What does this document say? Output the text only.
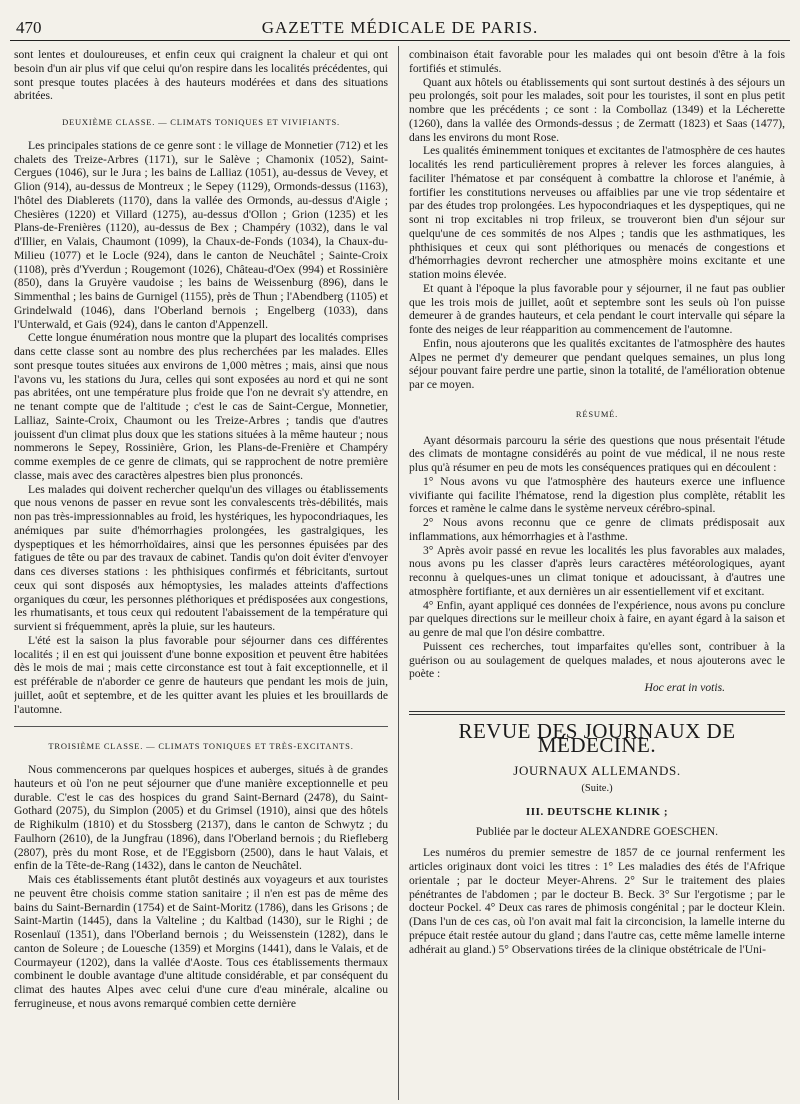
470	GAZETTE MÉDICALE DE PARIS.

sont lentes et douloureuses, et enfin ceux qui craignent la chaleur et qui ont besoin d'un air plus vif que celui qu'on respire dans les localités précédentes, qui sont presque toutes placées à des hauteurs modérées et dans des situations abritées.

DEUXIÈME CLASSE. — CLIMATS TONIQUES ET VIVIFIANTS.

Les principales stations de ce genre sont : le village de Monnetier (712) et les chalets des Treize-Arbres (1171), sur le Salève ; Chamonix (1052), Saint-Cergues (1046), sur le Jura ; les bains de Lalliaz (1051), au-dessus de Vevey, et Glion (914), au-dessus de Montreux ; le Sepey (1129), Ormonds-dessus (1163), l'hôtel des Diablerets (1170), dans la vallée des Ormonds, au-dessus d'Aigle ; Chesières (1220) et Villard (1275), au-dessus d'Ollon ; Grion (1235) et les Plans-de-Frenières (1120), au-dessus de Bex ; Champéry (1032), dans le val d'Illier, en Valais, Chaumont (1099), la Chaux-de-Fonds (1034), la Chaux-du-Milieu (1077) et le Locle (924), dans le canton de Neuchâtel ; Sainte-Croix (1108), près d'Yverdun ; Rougemont (1026), Château-d'Oex (994) et Rossinière (850), dans la Gruyère vaudoise ; les bains de Weissenburg (896), dans le Simmenthal ; les bains de Gurnigel (1155), près de Thun ; l'Abendberg (1105) et Grindelwald (1046), dans l'Oberland bernois ; Engelberg (1033), dans l'Unterwald, et Gais (924), dans le canton d'Appenzell.

Cette longue énumération nous montre que la plupart des localités comprises dans cette classe sont au nombre des plus recherchées par les malades. Elles sont presque toutes situées aux environs de 1,000 mètres ; mais, ainsi que nous l'avons vu, les stations du Jura, celles qui sont exposées au nord et qui ne sont pas abritées, ont une température plus froide que l'on ne devrait s'y attendre, en ne tenant compte que de l'altitude ; c'est le cas de Saint-Cergue, Monnetier, Lalliaz, Sainte-Croix, Chaumont ou les Treize-Arbres ; tandis que d'autres jouissent d'un climat plus doux que les stations situées à la même hauteur ; nous nommerons le Sepey, Rossinière, Grion, les Plans-de-Frenière et Champéry comme exemples de ce genre de climats, qui se rapprochent de notre première classe, mais avec des caractères alpestres bien plus prononcés.

Les malades qui doivent rechercher quelqu'un des villages ou établissements que nous venons de passer en revue sont les convalescents très-débilités, mais non pas très-impressionnables au froid, les hystériques, les hypocondriaques, les anémiques par suite d'hémorrhagies prolongées, les gastralgiques, les dyspeptiques et les hémorrhoïdaires, ainsi que les personnes épuisées par des fatigues de tête ou par des travaux de cabinet. Tandis qu'on doit éviter d'envoyer dans ces diverses stations : les phthisiques confirmés et fébricitants, surtout ceux qui sont disposés aux hémoptysies, les malades atteints d'affections organiques du cœur, les personnes pléthoriques et prédisposées aux congestions, les rhumatisants, et tous ceux qui redoutent l'abaissement de la température qui survient si fréquemment, après la pluie, sur les hauteurs.

L'été est la saison la plus favorable pour séjourner dans ces différentes localités ; il en est qui jouissent d'une bonne exposition et peuvent être habitées dès le mois de mai ; mais cette circonstance est tout à fait exceptionnelle, et il est préférable de n'aborder ce genre de hauteurs que pendant les mois de juin, juillet, août et septembre, et de les quitter avant les pluies et les brouillards de l'automne.

TROISIÈME CLASSE. — CLIMATS TONIQUES ET TRÈS-EXCITANTS.

Nous commencerons par quelques hospices et auberges, situés à de grandes hauteurs et où l'on ne peut séjourner que d'une manière exceptionnelle et peu durable. C'est le cas des hospices du grand Saint-Bernard (2478), du Saint-Gothard (2075), du Simplon (2005) et du Grimsel (1910), ainsi que des hôtels de Righikulm (1810) et du Stossberg (2137), dans le canton de Schwytz ; du Faulhorn (2610), de la Jungfrau (1896), dans l'Oberland bernois ; du Riefleberg (2807), près du mont Rose, et de l'Eggisborn (2500), dans le haut Valais, et enfin de la Tête-de-Rang (1432), dans le canton de Neuchâtel.

Mais ces établissements étant plutôt destinés aux voyageurs et aux touristes ne peuvent être choisis comme station sanitaire ; il n'en est pas de même des bains du Saint-Bernardin (1754) et de Saint-Moritz (1786), dans les Grisons ; de Saint-Martin (1445), dans la Valteline ; du Kaltbad (1430), sur le Righi ; de Rosenlauï (1351), dans l'Oberland bernois ; du Weissenstein (1282), dans le canton de Soleure ; de Louesche (1359) et Morgins (1441), dans le Valais, et de Courmayeur (1202), dans la vallée d'Aoste. Tous ces établissements thermaux combinent le double avantage d'une altitude considérable, et par conséquent du climat des hautes Alpes avec celui d'une cure d'eau minérale, alcaline ou ferrugineuse, et nous avons remarqué combien cette dernière

combinaison était favorable pour les malades qui ont besoin d'être à la fois fortifiés et stimulés.

Quant aux hôtels ou établissements qui sont surtout destinés à des séjours un peu prolongés, soit pour les malades, soit pour les touristes, il sont en plus petit nombre que les précédents ; ce sont : la Combollaz (1349) et la Lécherette (1260), dans la vallée des Ormonds-dessus ; de Zermatt (1823) et Saas (1477), dans les environs du mont Rose.

Les qualités éminemment toniques et excitantes de l'atmosphère de ces hautes localités les rend particulièrement propres à relever les forces alanguies, à faciliter l'hématose et par conséquent à combattre la chlorose et l'anémie, à fortifier les constitutions nerveuses ou affaiblies par une vie trop sédentaire et par des études trop prolongées. Les hypocondriaques et les dyspeptiques, qui ne sont ni trop excitables ni trop frileux, se trouveront bien d'un séjour sur quelqu'une de ces sommités de nos Alpes ; tandis que les asthmatiques, les phthisiques et ceux qui sont pléthoriques ou menacés de congestions et d'hémorrhagies devront rechercher une atmosphère moins excitante et une station moins élevée.

Et quant à l'époque la plus favorable pour y séjourner, il ne faut pas oublier que les trois mois de juillet, août et septembre sont les seuls où l'on puisse demeurer à de grandes hauteurs, et cela pendant le court intervalle qui sépare la fonte des neiges de leur réapparition au commencement de l'automne.

Enfin, nous ajouterons que les qualités excitantes de l'atmosphère des hautes Alpes ne permet d'y demeurer que pendant quelques semaines, un plus long séjour pouvant faire perdre une partie, sinon la totalité, de l'amélioration obtenue par ce moyen.

RÉSUMÉ.

Ayant désormais parcouru la série des questions que nous présentait l'étude des climats de montagne considérés au point de vue médical, il ne nous reste plus qu'à résumer en peu de mots les conséquences pratiques qui en découlent :

1° Nous avons vu que l'atmosphère des hauteurs exerce une influence vivifiante qui facilite l'hématose, rend la digestion plus complète, rétablit les forces et ramène le calme dans le système nerveux cérébro-spinal.

2° Nous avons reconnu que ce genre de climats prédisposait aux inflammations, aux hémorrhagies et à l'asthme.

3° Après avoir passé en revue les localités les plus favorables aux malades, nous avons pu les classer d'après leurs caractères météorologiques, ayant reconnu à quelques-unes un climat tonique et adoucissant, à d'autres une atmosphère fortifiante, et aux dernières un air essentiellement vif et excitant.

4° Enfin, ayant appliqué ces données de l'expérience, nous avons pu conclure par quelques directions sur le meilleur choix à faire, en ayant égard à la saison et au genre de mal que l'on désire combattre.

Puissent ces recherches, tout imparfaites qu'elles sont, contribuer à la guérison ou au soulagement de quelques malades, et nous ajouterons avec le poète :

Hoc erat in votis.
REVUE DES JOURNAUX DE MÉDECINE.
JOURNAUX ALLEMANDS.
(Suite.)
III. DEUTSCHE KLINIK ;
Publiée par le docteur ALEXANDRE GOESCHEN.

Les numéros du premier semestre de 1857 de ce journal renferment les articles originaux dont voici les titres : 1° Les maladies des étés de l'Afrique orientale ; par le docteur Meyer-Ahrens. 2° Sur le traitement des plaies pénétrantes de l'abdomen ; par le docteur B. Beck. 3° Sur l'ergotisme ; par le docteur Pockel. 4° Deux cas rares de phimosis congénital ; par le docteur Klein. (Dans l'un de ces cas, où l'on avait mal fait la circoncision, la lamelle interne du prépuce était restée autour du gland ; dans l'autre cas, cette même lamelle interne adhérait au gland.) 5° Observations tirées de la clinique obstétricale de l'Uni-
